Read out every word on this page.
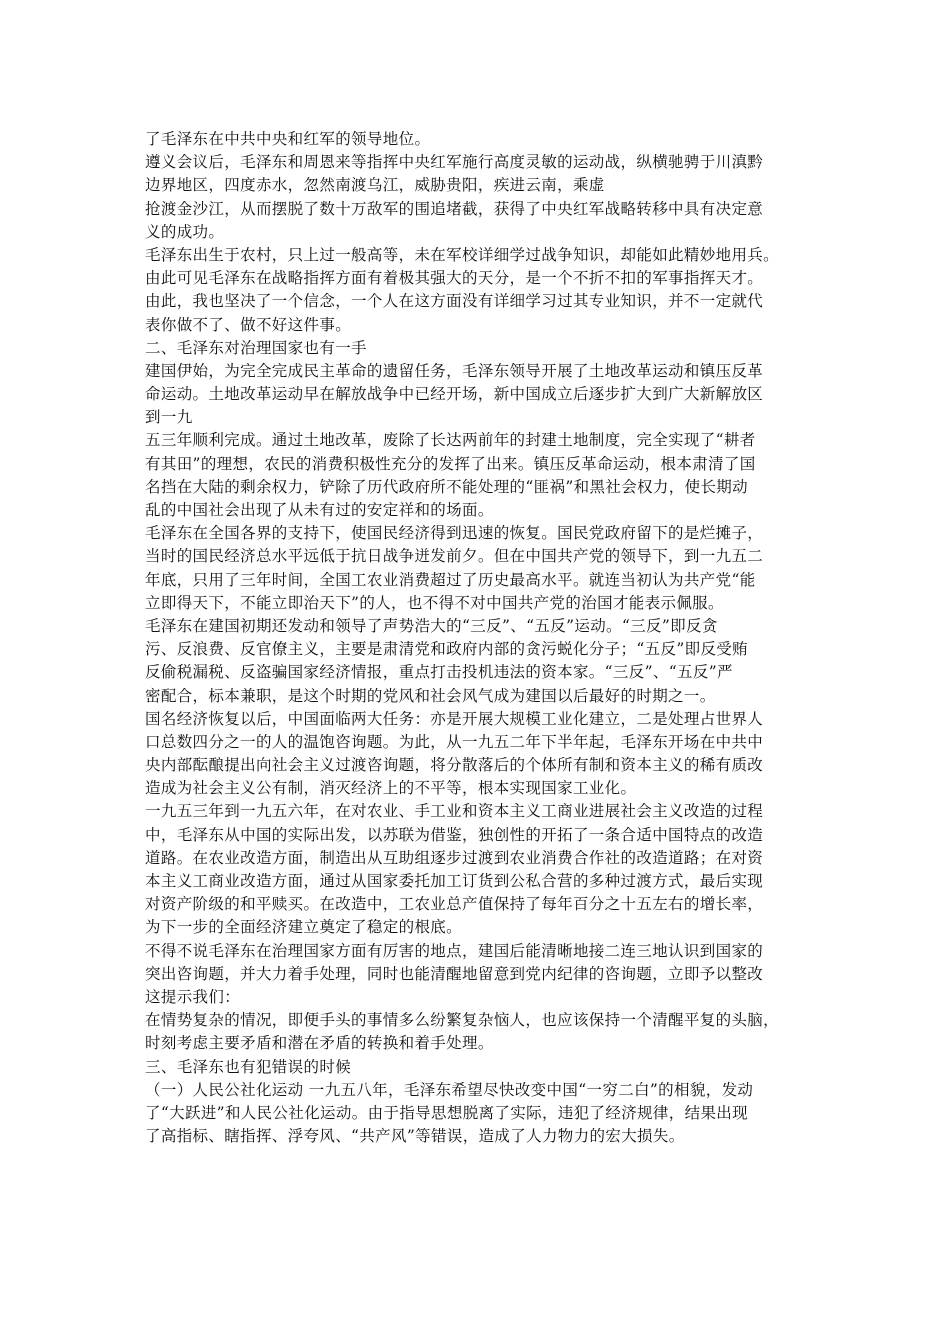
了毛泽东在中共中央和红军的领导地位。
遵义会议后，毛泽东和周恩来等指挥中央红军施行高度灵敏的运动战，纵横驰骋于川滇黔
边界地区，四度赤水，忽然南渡乌江，威胁贵阳，疾进云南，乘虚
抢渡金沙江，从而摆脱了数十万敌军的围追堵截，获得了中央红军战略转移中具有决定意
义的成功。
毛泽东出生于农村，只上过一般高等，未在军校详细学过战争知识，却能如此精妙地用兵。
由此可见毛泽东在战略指挥方面有着极其强大的天分，是一个不折不扣的军事指挥天才。
由此，我也坚决了一个信念，一个人在这方面没有详细学习过其专业知识，并不一定就代
表你做不了、做不好这件事。
二、毛泽东对治理国家也有一手
建国伊始，为完全完成民主革命的遗留任务，毛泽东领导开展了土地改革运动和镇压反革
命运动。土地改革运动早在解放战争中已经开场，新中国成立后逐步扩大到广大新解放区
到一九
五三年顺利完成。通过土地改革，废除了长达两前年的封建土地制度，完全实现了“耕者
有其田”的理想，农民的消费积极性充分的发挥了出来。镇压反革命运动，根本肃清了国
名挡在大陆的剩余权力，铲除了历代政府所不能处理的“匪祸”和黑社会权力，使长期动
乱的中国社会出现了从未有过的安定祥和的场面。
毛泽东在全国各界的支持下，使国民经济得到迅速的恢复。国民党政府留下的是烂摊子，
当时的国民经济总水平远低于抗日战争迸发前夕。但在中国共产党的领导下，到一九五二
年底，只用了三年时间，全国工农业消费超过了历史最高水平。就连当初认为共产党“能
立即得天下，不能立即治天下”的人，也不得不对中国共产党的治国才能表示佩服。
毛泽东在建国初期还发动和领导了声势浩大的“三反”、“五反”运动。“三反”即反贪
污、反浪费、反官僚主义，主要是肃清党和政府内部的贪污蜕化分子；“五反”即反受贿
反偷税漏税、反盗骗国家经济情报，重点打击投机违法的资本家。“三反”、“五反”严
密配合，标本兼职，是这个时期的党风和社会风气成为建国以后最好的时期之一。
国名经济恢复以后，中国面临两大任务：亦是开展大规模工业化建立，二是处理占世界人
口总数四分之一的人的温饱咨询题。为此，从一九五二年下半年起，毛泽东开场在中共中
央内部酝酿提出向社会主义过渡咨询题，将分散落后的个体所有制和资本主义的稀有质改
造成为社会主义公有制，消灭经济上的不平等，根本实现国家工业化。
一九五三年到一九五六年，在对农业、手工业和资本主义工商业进展社会主义改造的过程
中，毛泽东从中国的实际出发，以苏联为借鉴，独创性的开拓了一条合适中国特点的改造
道路。在农业改造方面，制造出从互助组逐步过渡到农业消费合作社的改造道路；在对资
本主义工商业改造方面，通过从国家委托加工订货到公私合营的多种过渡方式，最后实现
对资产阶级的和平赎买。在改造中，工农业总产值保持了每年百分之十五左右的增长率，
为下一步的全面经济建立奠定了稳定的根底。
不得不说毛泽东在治理国家方面有厉害的地点，建国后能清晰地接二连三地认识到国家的
突出咨询题，并大力着手处理，同时也能清醒地留意到党内纪律的咨询题，立即予以整改
这提示我们：
在情势复杂的情况，即便手头的事情多么纷繁复杂恼人，也应该保持一个清醒平复的头脑，
时刻考虑主要矛盾和潜在矛盾的转换和着手处理。
三、毛泽东也有犯错误的时候
（一）人民公社化运动 一九五八年，毛泽东希望尽快改变中国“一穷二白”的相貌，发动
了“大跃进”和人民公社化运动。由于指导思想脱离了实际，违犯了经济规律，结果出现
了高指标、瞎指挥、浮夸风、“共产风”等错误，造成了人力物力的宏大损失。
